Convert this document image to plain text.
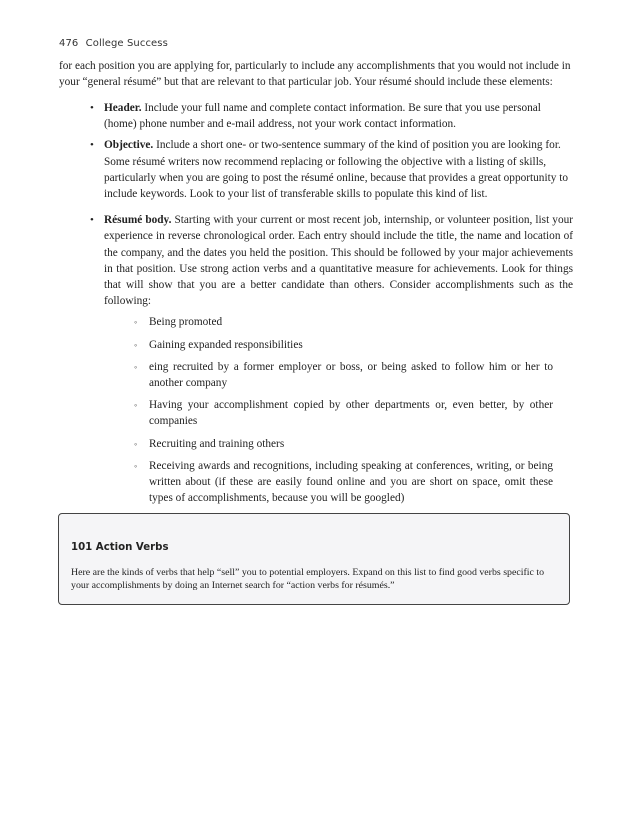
476 College Success

for each position you are applying for, particularly to include any accomplishments that you would not include in your “general résumé” but that are relevant to that particular job. Your résumé should include these elements:

• Header. Include your full name and complete contact information. Be sure that you use personal (home) phone number and e-mail address, not your work contact information.
• Objective. Include a short one- or two-sentence summary of the kind of position you are looking for. Some résumé writers now recommend replacing or following the objective with a listing of skills, particularly when you are going to post the résumé online, because that provides a great opportunity to include keywords. Look to your list of transferable skills to populate this kind of list.
• Résumé body. Starting with your current or most recent job, internship, or volunteer position, list your experience in reverse chronological order. Each entry should include the title, the name and location of the company, and the dates you held the position. This should be followed by your major achievements in that position. Use strong action verbs and a quantitative measure for achievements. Look for things that will show that you are a better candidate than others. Consider accomplishments such as the following:
◦ Being promoted
◦ Gaining expanded responsibilities
◦ eing recruited by a former employer or boss, or being asked to follow him or her to another company
◦ Having your accomplishment copied by other departments or, even better, by other companies
◦ Recruiting and training others
◦ Receiving awards and recognitions, including speaking at conferences, writing, or being written about (if these are easily found online and you are short on space, omit these types of accomplishments, because you will be googled)
101 Action Verbs

Here are the kinds of verbs that help “sell” you to potential employers. Expand on this list to find good verbs specific to your accomplishments by doing an Internet search for “action verbs for résumés.”
